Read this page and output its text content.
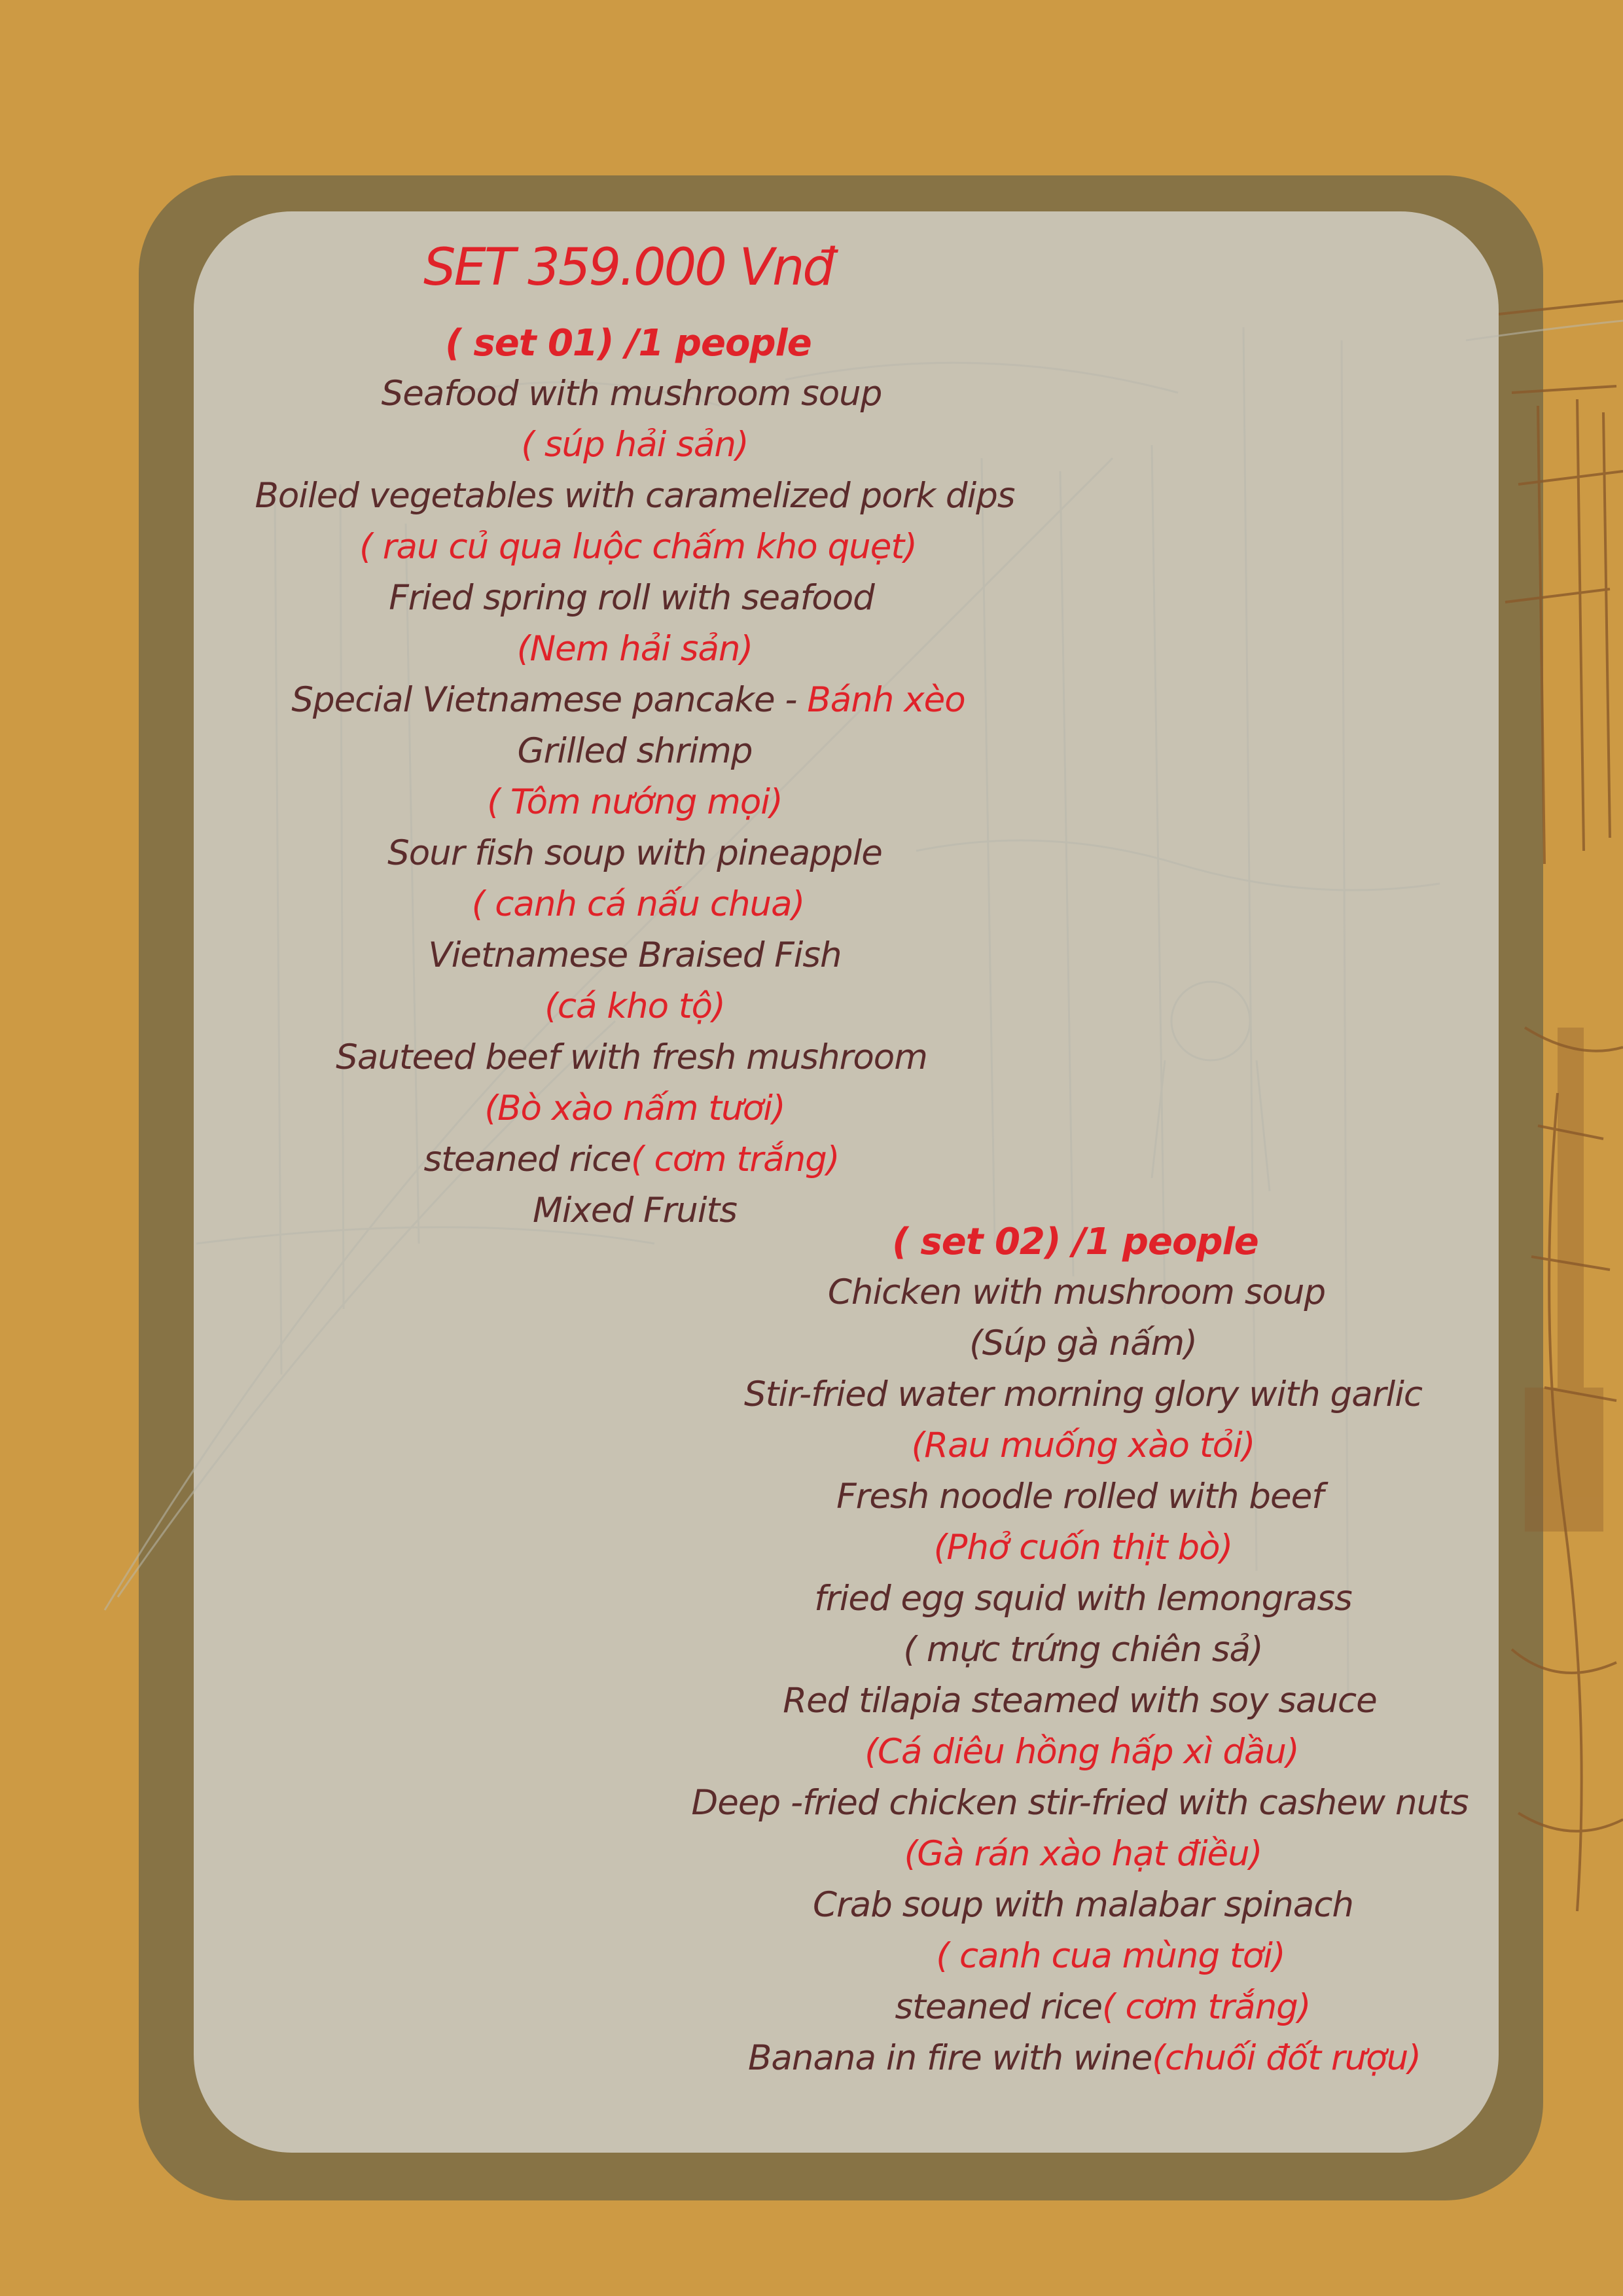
SET 359.000 Vnđ
( set 01) /1 people
Seafood with mushroom soup
( súp hải sản)
Boiled vegetables with caramelized pork dips
( rau củ qua luộc chấm kho quẹt)
Fried spring roll with seafood
(Nem hải sản)
Special Vietnamese pancake - Bánh xèo
Grilled shrimp
( Tôm nướng mọi)
Sour fish soup with pineapple
( canh cá nấu chua)
Vietnamese Braised Fish
(cá kho tộ)
Sauteed beef with fresh mushroom
(Bò xào nấm tươi)
steaned rice( cơm trắng)
Mixed Fruits
( set 02) /1 people
Chicken with mushroom soup
(Súp gà nấm)
Stir-fried water morning glory with garlic
(Rau muống xào tỏi)
Fresh noodle rolled with beef
(Phở cuốn thịt bò)
fried egg squid with lemongrass
( mực trứng chiên sả)
Red tilapia steamed with soy sauce
(Cá diêu hồng hấp xì dầu)
Deep -fried chicken stir-fried with cashew nuts
(Gà rán xào hạt điều)
Crab soup with malabar spinach
( canh cua mùng tơi)
steaned rice( cơm trắng)
Banana in fire with wine(chuối đốt rượu)
